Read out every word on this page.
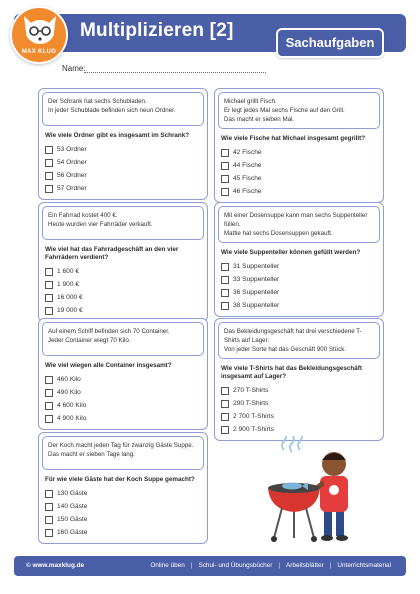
MAX KLUG
Multiplizieren [2]
Sachaufgaben
Name:
Der Schrank hat sechs Schubladen.
In jeder Schublade befinden sich neun Ordner.
Wie viele Ordner gibt es insgesamt im Schrank?
53 Ordner
54 Ordner
56 Ordner
57 Ordner
Michael grillt Fisch.
Er legt jedes Mal sechs Fische auf den Grill.
Das macht er sieben Mal.
Wie viele Fische hat Michael insgesamt gegrillt?
42 Fische
44 Fische
45 Fische
46 Fische
Ein Fahrrad kostet 400 €.
Heute wurden vier Fahrräder verkauft.
Wie viel hat das Fahrradgeschäft an den vier Fahrrädern verdient?
1 600 €
1 900 €
16 000 €
19 000 €
Mit einer Dosensuppe kann man sechs Suppenteller füllen.
Mattie hat sechs Dosensuppen gekauft.
Wie viele Suppenteller können gefüllt werden?
31 Suppenteller
33 Suppenteller
36 Suppenteller
38 Suppenteller
Auf einem Schiff befinden sich 70 Container.
Jeder Container wiegt 70 Kilo.
Wie viel wiegen alle Container insgesamt?
460 Kilo
490 Kilo
4 600 Kilo
4 900 Kilo
Das Bekleidungsgeschäft hat drei verschiedene T-Shirts auf Lager.
Von jeder Sorte hat das Geschäft 900 Stück.
Wie viele T-Shirts hat das Bekleidungsgeschäft insgesamt auf Lager?
270 T-Shirts
290 T-Shirts
2 700 T-Shirts
2 900 T-Shirts
Der Koch macht jeden Tag für zwanzig Gäste Suppe.
Das macht er sieben Tage lang.
Für wie viele Gäste hat der Koch Suppe gemacht?
130 Gäste
140 Gäste
150 Gäste
160 Gäste
© www.maxklug.de	Online üben | Schul- und Übungsbücher | Arbeitsblätter | Unterrichtsmaterial
